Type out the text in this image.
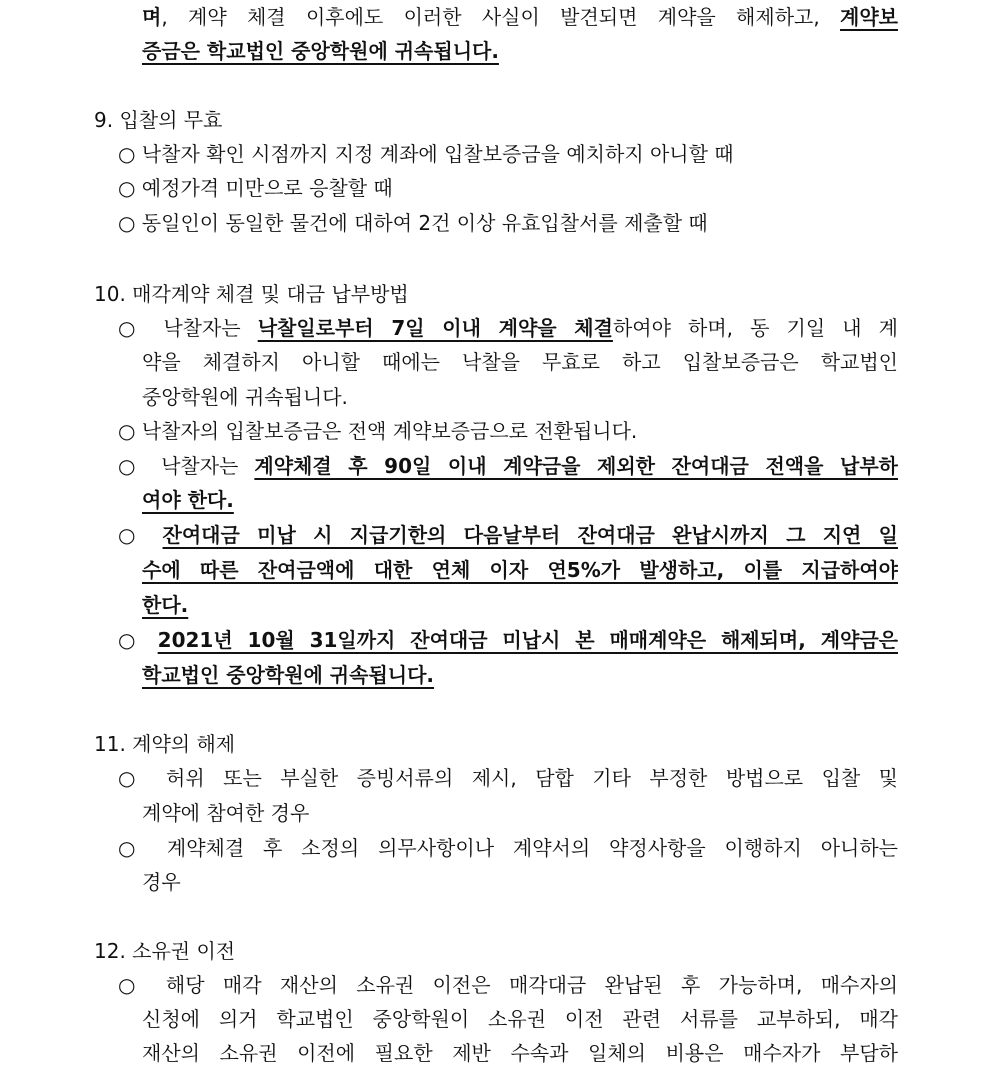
며, 계약 체결 이후에도 이러한 사실이 발견되면 계약을 해제하고, 계약보
증금은 학교법인 중앙학원에 귀속됩니다.
9. 입찰의 무효
○ 낙찰자 확인 시점까지 지정 계좌에 입찰보증금을 예치하지 아니할 때
○ 예정가격 미만으로 응찰할 때
○ 동일인이 동일한 물건에 대하여 2건 이상 유효입찰서를 제출할 때
10. 매각계약 체결 및 대금 납부방법
○ 낙찰자는 낙찰일로부터 7일 이내 계약을 체결하여야 하며, 동 기일 내 계
약을 체결하지 아니할 때에는 낙찰을 무효로 하고 입찰보증금은 학교법인
중앙학원에 귀속됩니다.
○ 낙찰자의 입찰보증금은 전액 계약보증금으로 전환됩니다.
○ 낙찰자는 계약체결 후 90일 이내 계약금을 제외한 잔여대금 전액을 납부하
여야 한다.
○ 잔여대금 미납 시 지급기한의 다음날부터 잔여대금 완납시까지 그 지연 일
수에 따른 잔여금액에 대한 연체 이자 연5%가 발생하고, 이를 지급하여야
한다.
○ 2021년 10월 31일까지 잔여대금 미납시 본 매매계약은 해제되며, 계약금은
학교법인 중앙학원에 귀속됩니다.
11. 계약의 해제
○ 허위 또는 부실한 증빙서류의 제시, 담합 기타 부정한 방법으로 입찰 및
계약에 참여한 경우
○ 계약체결 후 소정의 의무사항이나 계약서의 약정사항을 이행하지 아니하는
경우
12. 소유권 이전
○ 해당 매각 재산의 소유권 이전은 매각대금 완납된 후 가능하며, 매수자의
신청에 의거 학교법인 중앙학원이 소유권 이전 관련 서류를 교부하되, 매각
재산의 소유권 이전에 필요한 제반 수속과 일체의 비용은 매수자가 부담하
